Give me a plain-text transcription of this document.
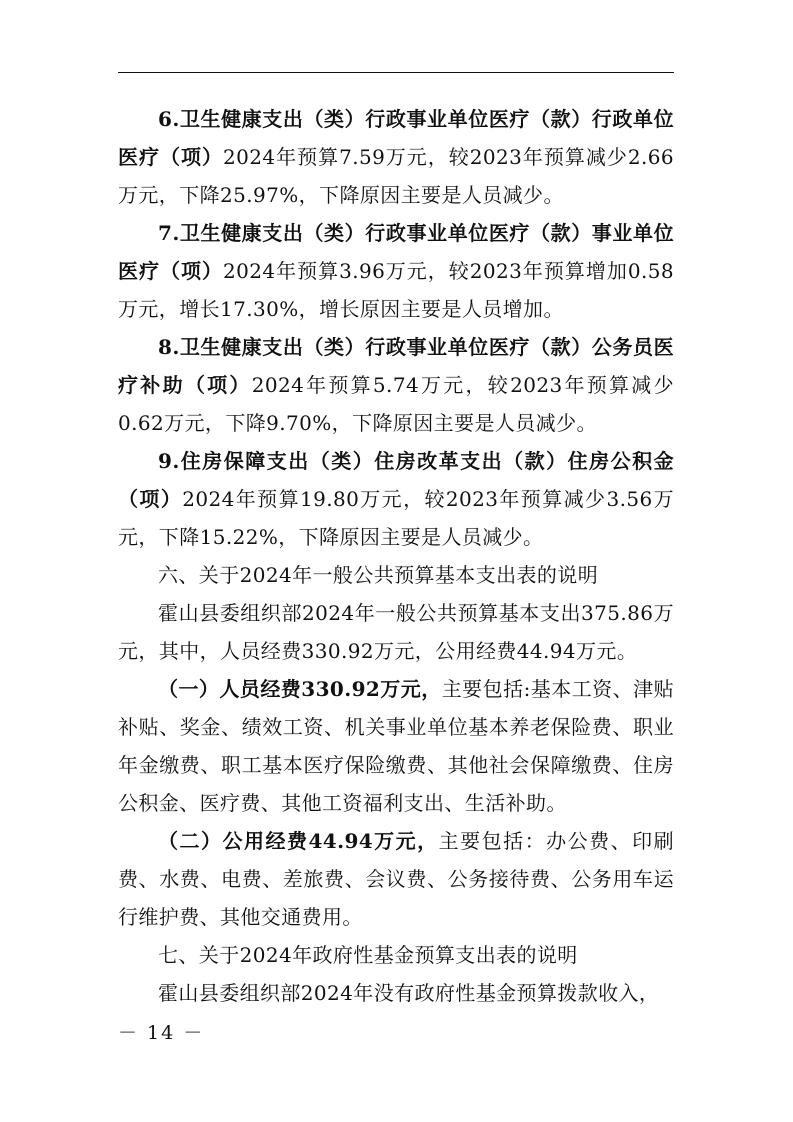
6.卫生健康支出（类）行政事业单位医疗（款）行政单位医疗（项）2024年预算7.59万元，较2023年预算减少2.66万元，下降25.97%，下降原因主要是人员减少。

7.卫生健康支出（类）行政事业单位医疗（款）事业单位医疗（项）2024年预算3.96万元，较2023年预算增加0.58万元，增长17.30%，增长原因主要是人员增加。

8.卫生健康支出（类）行政事业单位医疗（款）公务员医疗补助（项）2024年预算5.74万元，较2023年预算减少0.62万元，下降9.70%，下降原因主要是人员减少。

9.住房保障支出（类）住房改革支出（款）住房公积金（项）2024年预算19.80万元，较2023年预算减少3.56万元，下降15.22%，下降原因主要是人员减少。

六、关于2024年一般公共预算基本支出表的说明

霍山县委组织部2024年一般公共预算基本支出375.86万元，其中，人员经费330.92万元，公用经费44.94万元。

（一）人员经费330.92万元，主要包括:基本工资、津贴补贴、奖金、绩效工资、机关事业单位基本养老保险费、职业年金缴费、职工基本医疗保险缴费、其他社会保障缴费、住房公积金、医疗费、其他工资福利支出、生活补助。

（二）公用经费44.94万元，主要包括：办公费、印刷费、水费、电费、差旅费、会议费、公务接待费、公务用车运行维护费、其他交通费用。

七、关于2024年政府性基金预算支出表的说明

霍山县委组织部2024年没有政府性基金预算拨款收入，

－ 14 －
